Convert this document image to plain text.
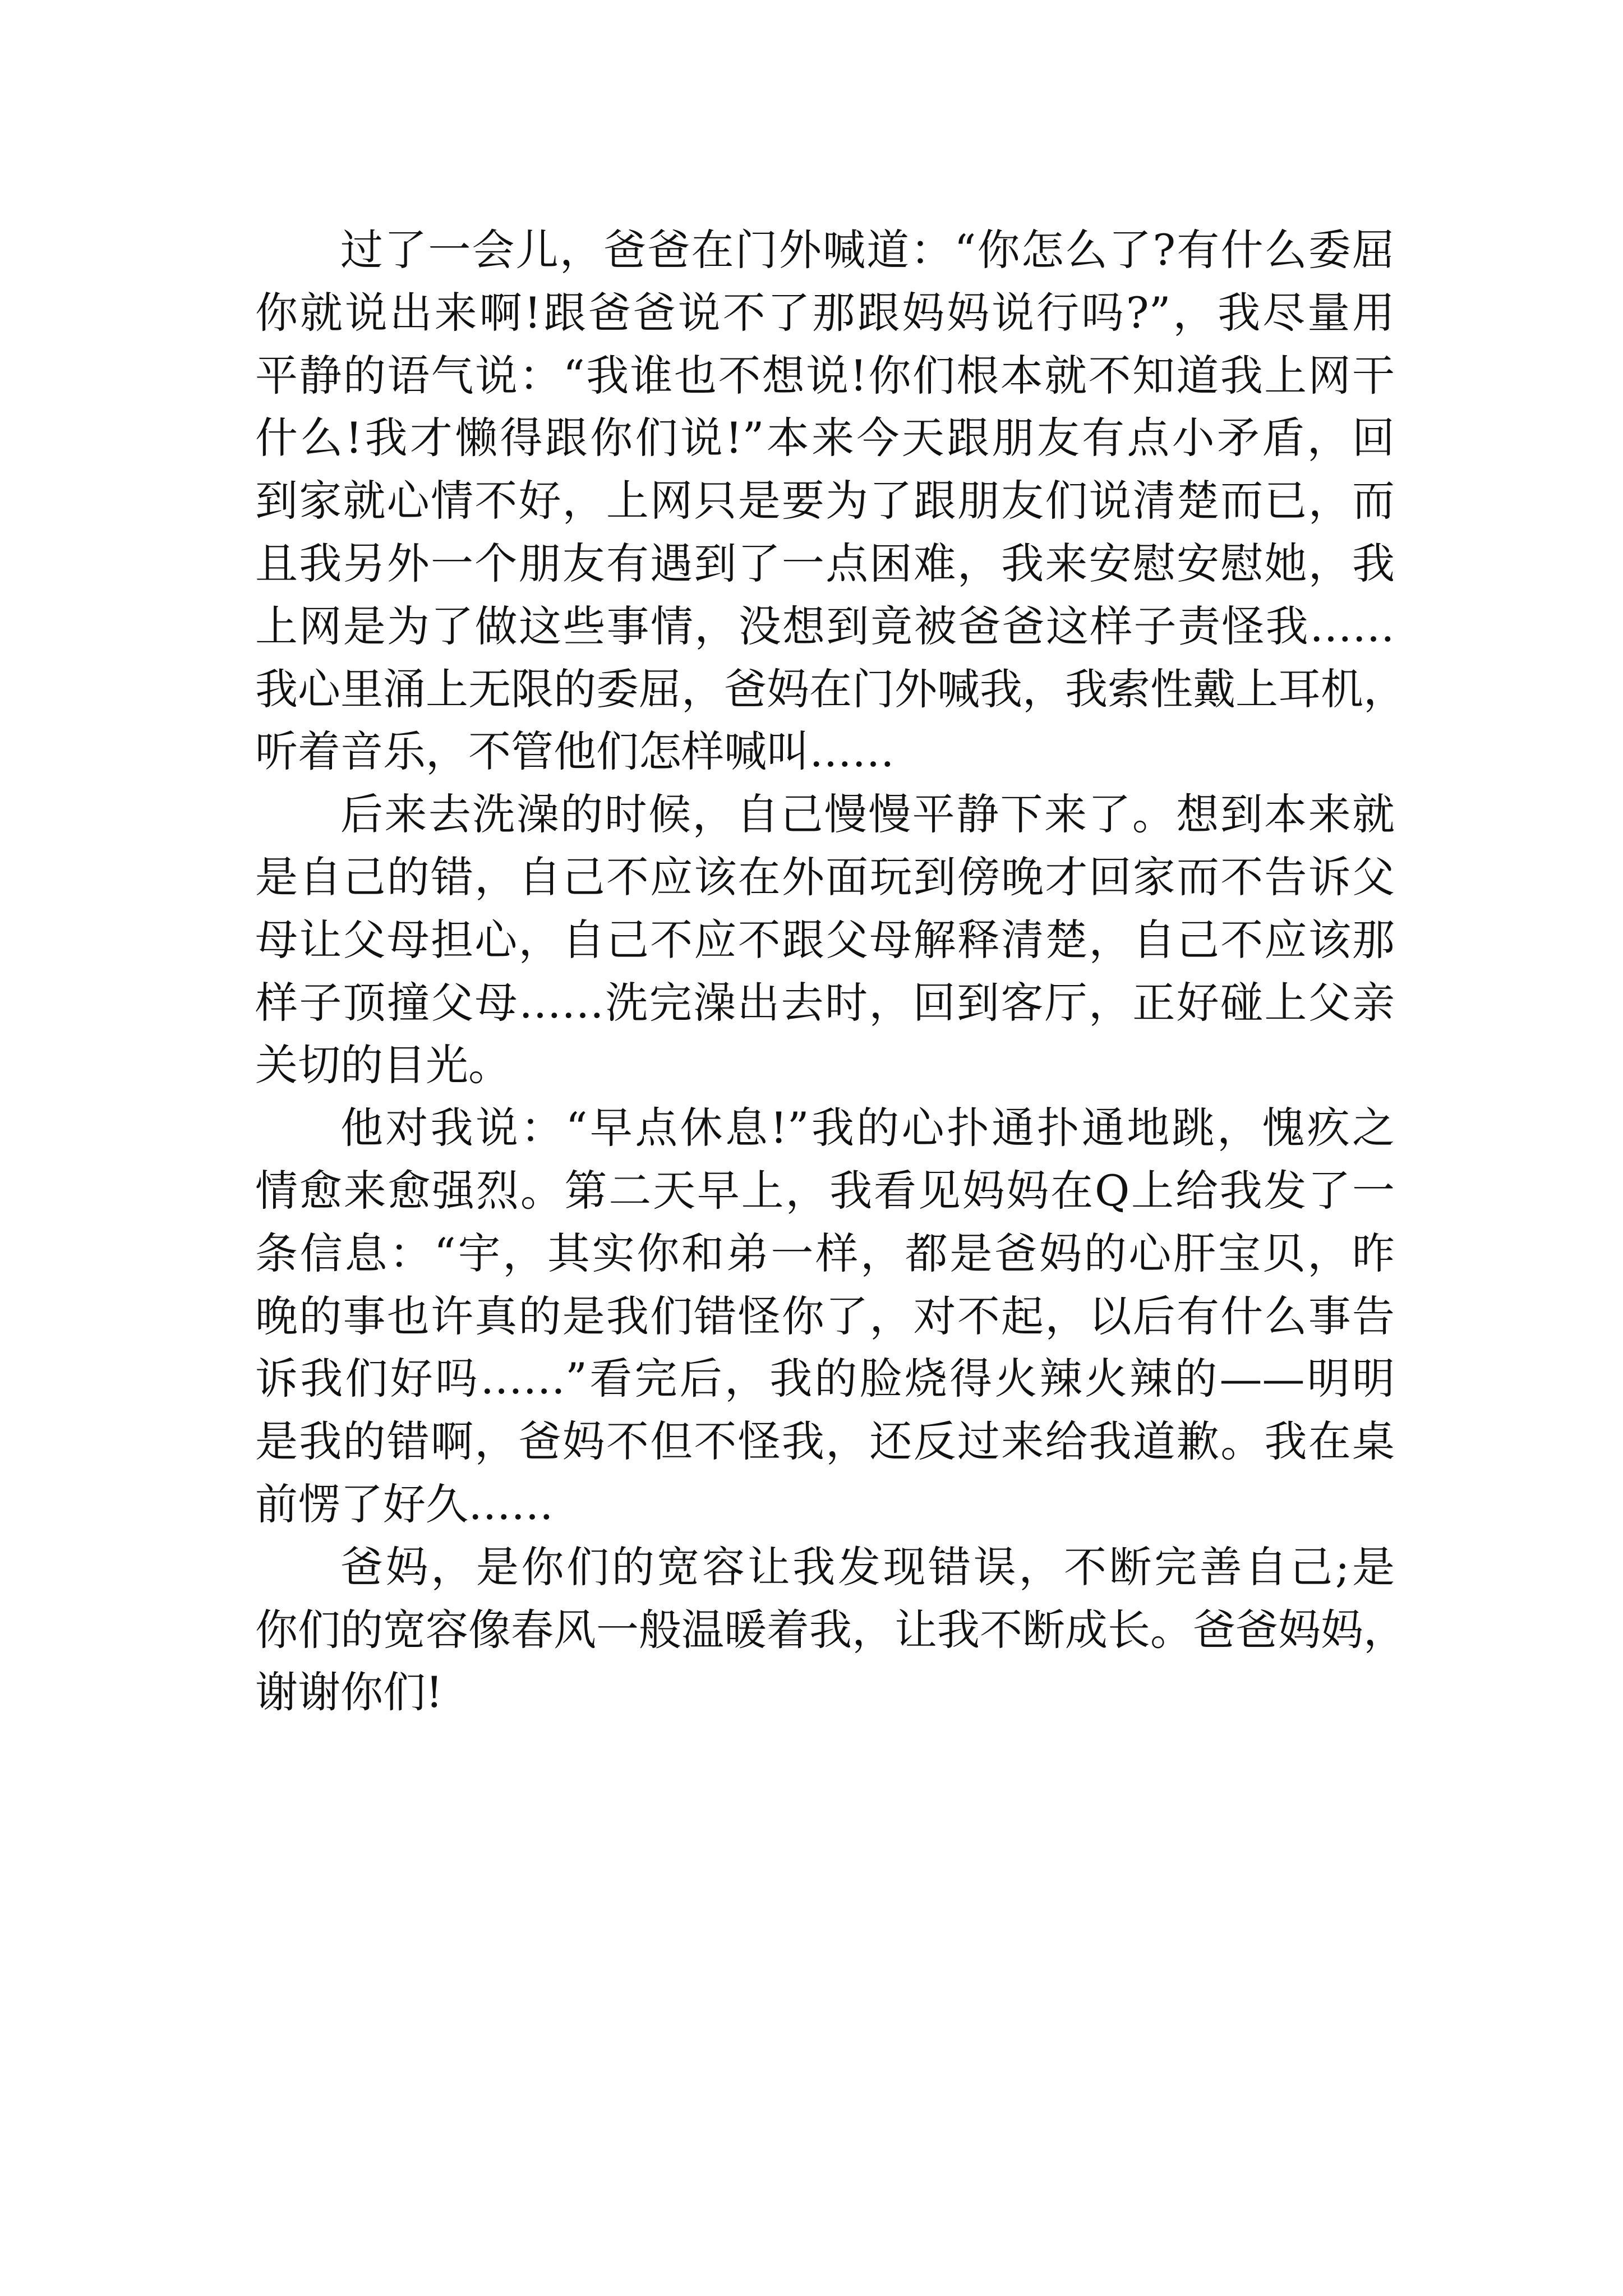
过了一会儿，爸爸在门外喊道：“你怎么了?有什么委屈
你就说出来啊!跟爸爸说不了那跟妈妈说行吗?”，我尽量用
平静的语气说：“我谁也不想说!你们根本就不知道我上网干
什么!我才懒得跟你们说!”本来今天跟朋友有点小矛盾，回
到家就心情不好，上网只是要为了跟朋友们说清楚而已，而
且我另外一个朋友有遇到了一点困难，我来安慰安慰她，我
上网是为了做这些事情，没想到竟被爸爸这样子责怪我……
我心里涌上无限的委屈，爸妈在门外喊我，我索性戴上耳机，
听着音乐，不管他们怎样喊叫……
后来去洗澡的时候，自己慢慢平静下来了。想到本来就
是自己的错，自己不应该在外面玩到傍晚才回家而不告诉父
母让父母担心，自己不应不跟父母解释清楚，自己不应该那
样子顶撞父母……洗完澡出去时，回到客厅，正好碰上父亲
关切的目光。
他对我说：“早点休息!”我的心扑通扑通地跳，愧疚之
情愈来愈强烈。第二天早上，我看见妈妈在Q上给我发了一
条信息：“宇，其实你和弟一样，都是爸妈的心肝宝贝，昨
晚的事也许真的是我们错怪你了，对不起，以后有什么事告
诉我们好吗……”看完后，我的脸烧得火辣火辣的——明明
是我的错啊，爸妈不但不怪我，还反过来给我道歉。我在桌
前愣了好久……
爸妈，是你们的宽容让我发现错误，不断完善自己;是
你们的宽容像春风一般温暖着我，让我不断成长。爸爸妈妈，
谢谢你们!
